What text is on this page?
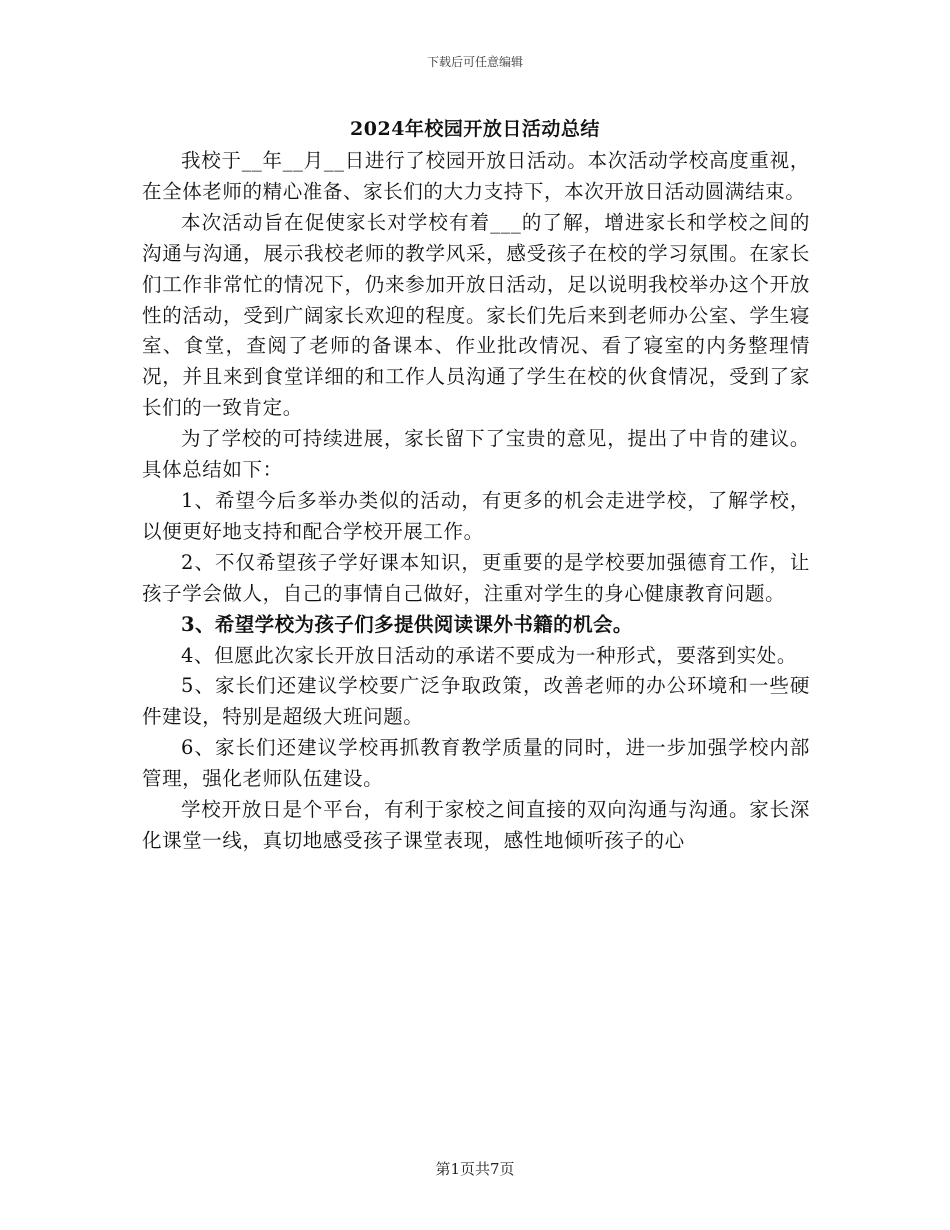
下载后可任意编辑
2024年校园开放日活动总结

我校于__年__月__日进行了校园开放日活动。本次活动学校高度重视，在全体老师的精心准备、家长们的大力支持下，本次开放日活动圆满结束。

本次活动旨在促使家长对学校有着___的了解，增进家长和学校之间的沟通与沟通，展示我校老师的教学风采，感受孩子在校的学习氛围。在家长们工作非常忙的情况下，仍来参加开放日活动，足以说明我校举办这个开放性的活动，受到广阔家长欢迎的程度。家长们先后来到老师办公室、学生寝室、食堂，查阅了老师的备课本、作业批改情况、看了寝室的内务整理情况，并且来到食堂详细的和工作人员沟通了学生在校的伙食情况，受到了家长们的一致肯定。

为了学校的可持续进展，家长留下了宝贵的意见，提出了中肯的建议。具体总结如下：

1、希望今后多举办类似的活动，有更多的机会走进学校，了解学校，以便更好地支持和配合学校开展工作。

2、不仅希望孩子学好课本知识，更重要的是学校要加强德育工作，让孩子学会做人，自己的事情自己做好，注重对学生的身心健康教育问题。

3、希望学校为孩子们多提供阅读课外书籍的机会。

4、但愿此次家长开放日活动的承诺不要成为一种形式，要落到实处。

5、家长们还建议学校要广泛争取政策，改善老师的办公环境和一些硬件建设，特别是超级大班问题。

6、家长们还建议学校再抓教育教学质量的同时，进一步加强学校内部管理，强化老师队伍建设。

学校开放日是个平台，有利于家校之间直接的双向沟通与沟通。家长深化课堂一线，真切地感受孩子课堂表现，感性地倾听孩子的心

第1页共7页
